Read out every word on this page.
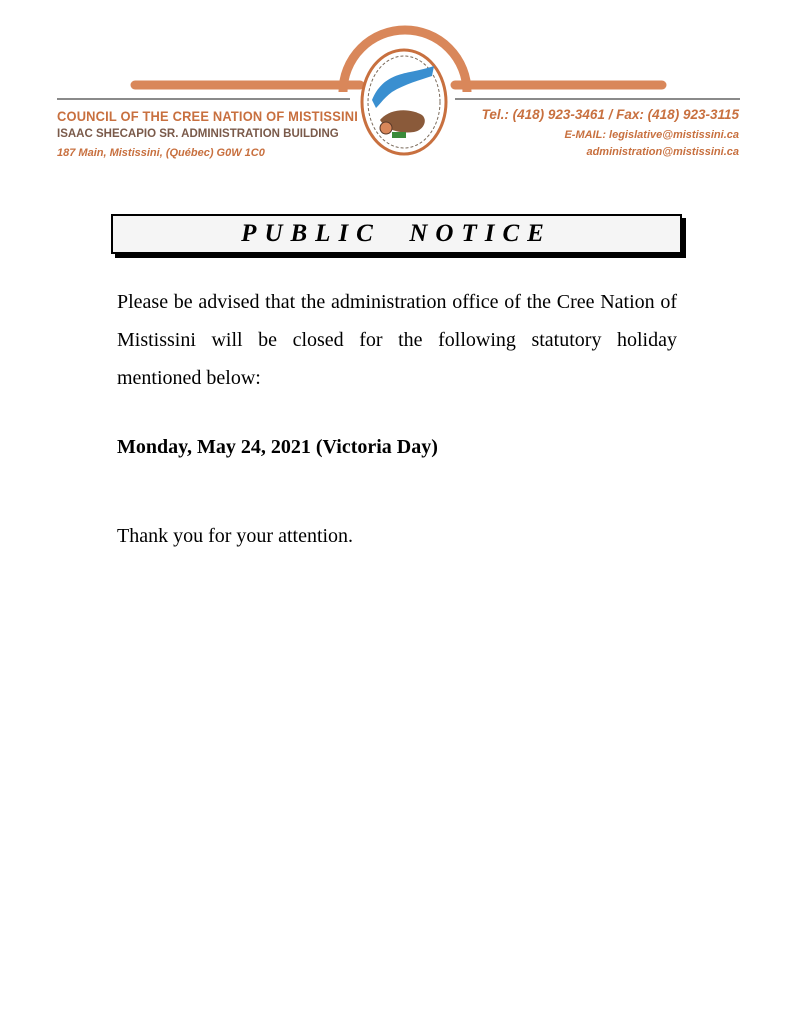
COUNCIL OF THE CREE NATION OF MISTISSINI
ISAAC SHECAPIO SR. ADMINISTRATION BUILDING
187 Main, Mistissini, (Québec) G0W 1C0
Tel.: (418) 923-3461 / Fax: (418) 923-3115
E-MAIL: legislative@mistissini.ca
administration@mistissini.ca
PUBLIC  NOTICE
Please be advised that the administration office of the Cree Nation of Mistissini will be closed for the following statutory holiday mentioned below:
Monday, May 24, 2021 (Victoria Day)
Thank you for your attention.
